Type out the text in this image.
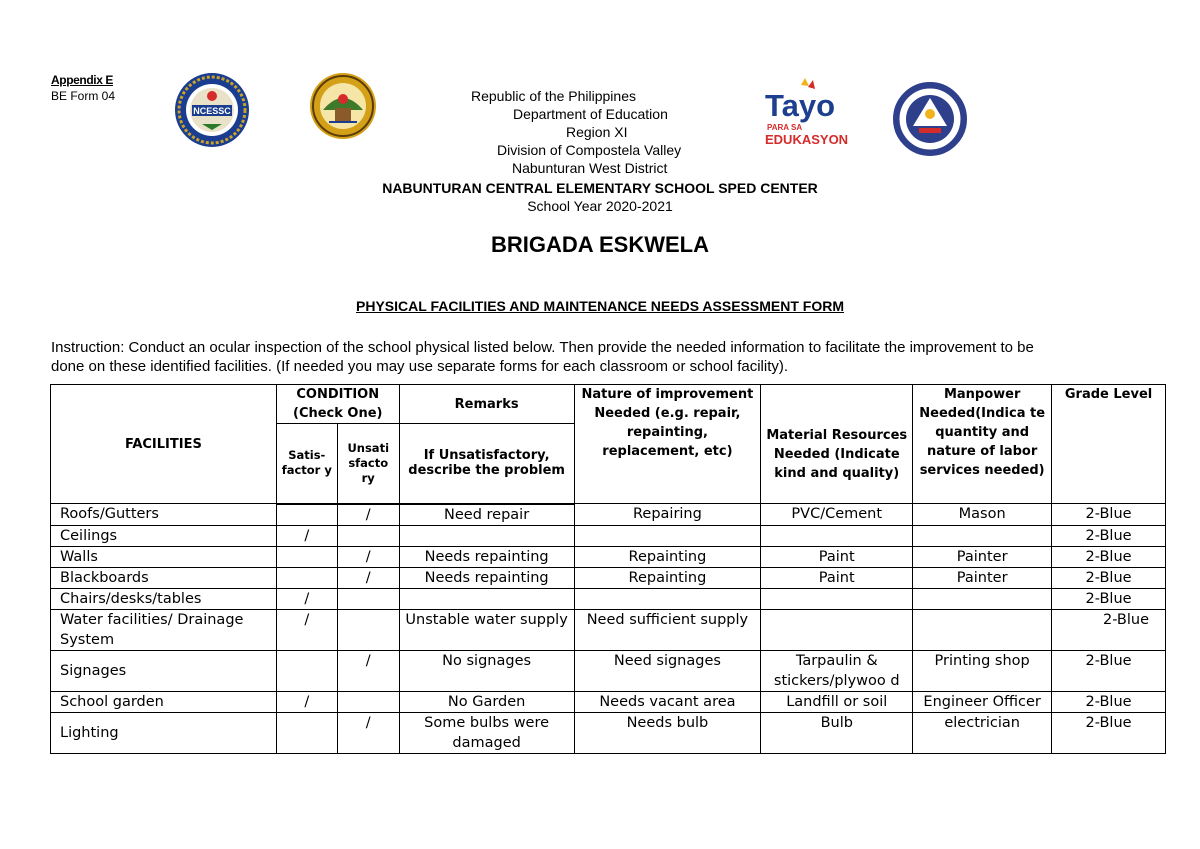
Appendix E
BE Form 04
NCESSC	Tayo
PARA SA
EDUKASYON
Republic of the Philippines
Department of Education
Region XI
Division of Compostela Valley
Nabunturan West District
NABUNTURAN CENTRAL ELEMENTARY SCHOOL SPED CENTER
School Year 2020-2021
BRIGADA ESKWELA
PHYSICAL FACILITIES AND MAINTENANCE NEEDS ASSESSMENT FORM
Instruction: Conduct an ocular inspection of the school physical listed below. Then provide the needed information to facilitate the improvement to bedone on these identified facilities. (If needed you may use separate forms for each classroom or school facility).
FACILITIES	CONDITION (Check One)		Remarks	Nature of improvement Needed (e.g. repair, repainting, replacement, etc)	Material Resources Needed (Indicate kind and quality)	Manpower Needed(Indica te quantity and nature of labor services needed)	Grade Level
	Satis- factor y	Unsati sfacto ry	If Unsatisfactory, describe the problem				
Roofs/Gutters		/	Need repair	Repairing	PVC/Cement	Mason	2-Blue
Ceilings	/						2-Blue
Walls		/	Needs repainting	Repainting	Paint	Painter	2-Blue
Blackboards		/	Needs repainting	Repainting	Paint	Painter	2-Blue
Chairs/desks/tables	/						2-Blue
Water facilities/ Drainage System	/		Unstable water supply	Need sufficient supply			2-Blue
Signages		/	No signages	Need signages	Tarpaulin & stickers/plywoo d	Printing shop	2-Blue
School garden	/		No Garden	Needs vacant area	Landfill or soil	Engineer Officer	2-Blue
Lighting		/	Some bulbs were damaged	Needs bulb	Bulb	electrician	2-Blue
